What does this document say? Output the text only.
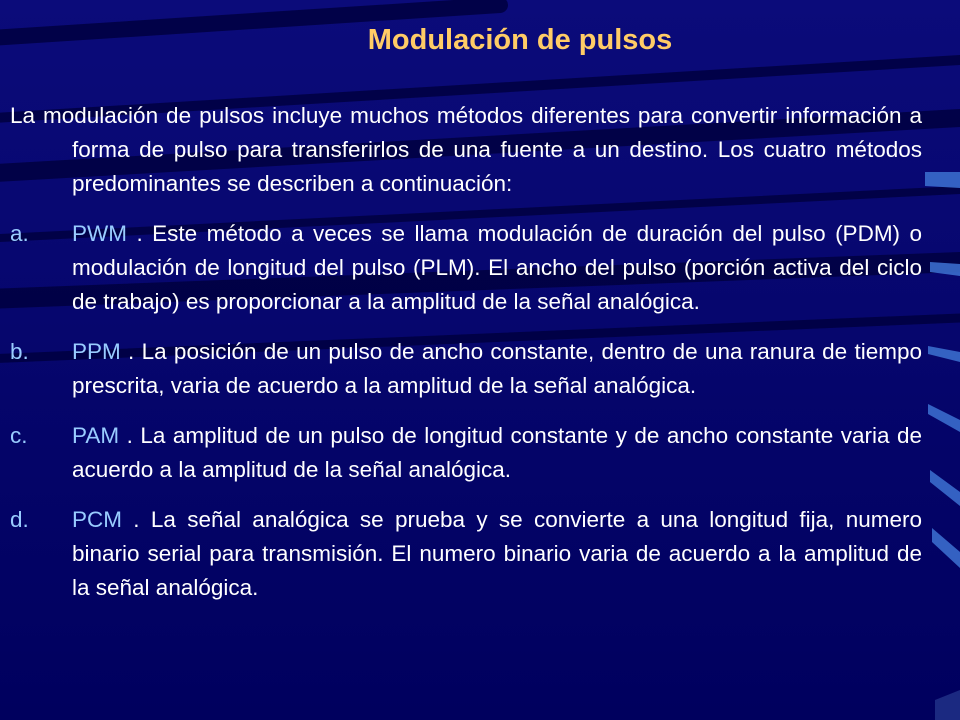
Modulación de pulsos

La modulación de pulsos incluye muchos métodos diferentes para convertir información a forma de pulso para transferirlos de una fuente a un destino. Los cuatro métodos predominantes se describen a continuación:

a.	PWM . Este método a veces se llama modulación de duración del pulso (PDM) o modulación de longitud del pulso (PLM). El ancho del pulso (porción activa del ciclo de trabajo) es proporcionar a la amplitud de la señal analógica.
b.	PPM . La posición de un pulso de ancho constante, dentro de una ranura de tiempo prescrita, varia de acuerdo a la amplitud de la señal analógica.
c.	PAM . La amplitud de un pulso de longitud constante y de ancho constante varia de acuerdo a la amplitud de la señal analógica.
d.	PCM . La señal analógica se prueba y se convierte a una longitud fija, numero binario serial para transmisión. El numero binario varia de acuerdo a la amplitud de la señal analógica.
